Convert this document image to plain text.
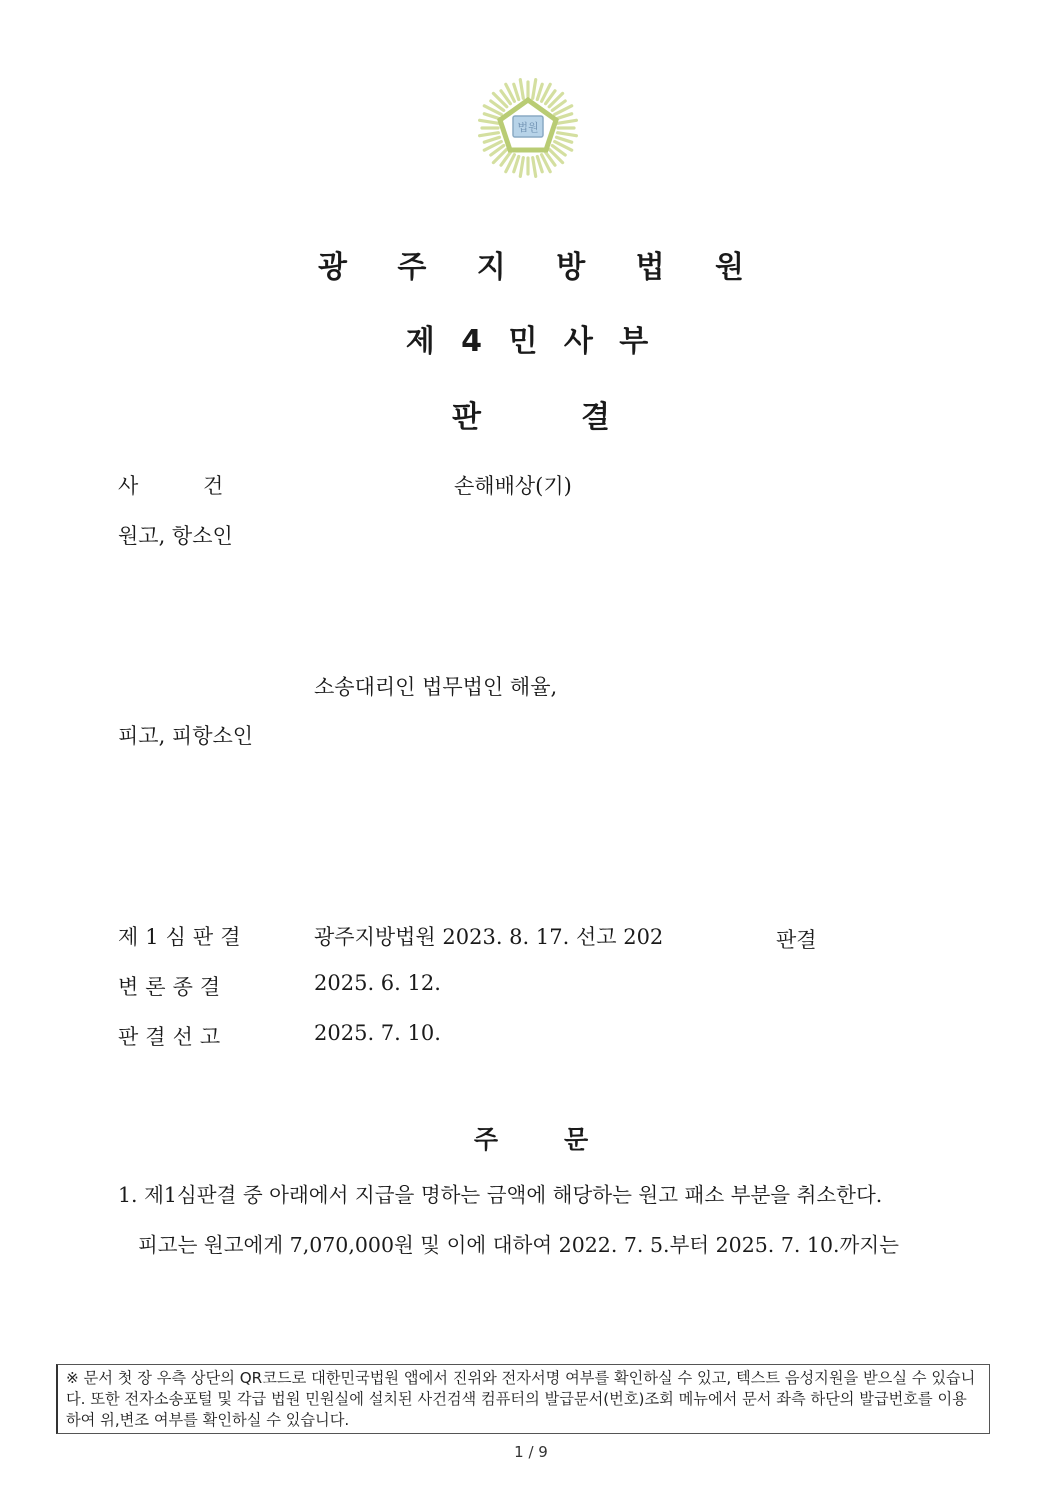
법원
광 주 지 방 법 원
제 4 민 사 부
판	결
사 건	손해배상(기)
원고, 항소인
소송대리인 법무법인 해율,
피고, 피항소인
제1심판결	광주지방법원 2023. 8. 17. 선고 202	판결
변론종결	2025. 6. 12.
판결선고	2025. 7. 10.
주	문
1. 제1심판결 중 아래에서 지급을 명하는 금액에 해당하는 원고 패소 부분을 취소한다.
피고는 원고에게 7,070,000원 및 이에 대하여 2022. 7. 5.부터 2025. 7. 10.까지는
※ 문서 첫 장 우측 상단의 QR코드로 대한민국법원 앱에서 진위와 전자서명 여부를 확인하실 수 있고, 텍스트 음성지원을 받으실 수 있습니다. 또한 전자소송포털 및 각급 법원 민원실에 설치된 사건검색 컴퓨터의 발급문서(번호)조회 메뉴에서 문서 좌측 하단의 발급번호를 이용하여 위,변조 여부를 확인하실 수 있습니다.
1 / 9
